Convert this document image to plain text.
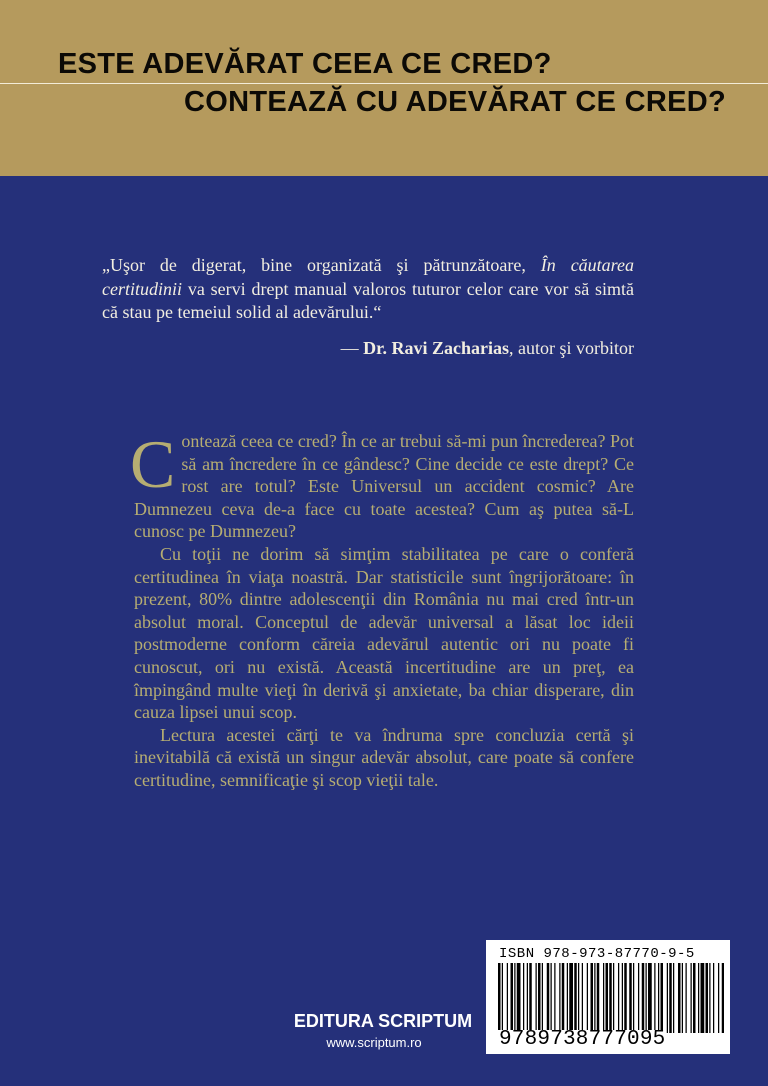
ESTE ADEVĂRAT CEEA CE CRED?
CONTEAZĂ CU ADEVĂRAT CE CRED?
„Uşor de digerat, bine organizată şi pătrunzătoare, În căutarea certitudinii va servi drept manual valoros tuturor celor care vor să simtă că stau pe temeiul solid al adevărului.“
— Dr. Ravi Zacharias, autor şi vorbitor

Contează ceea ce cred? În ce ar trebui să-mi pun încrederea? Pot să am încredere în ce gândesc? Cine decide ce este drept? Ce rost are totul? Este Universul un accident cosmic? Are Dumnezeu ceva de-a face cu toate acestea? Cum aş putea să-L cunosc pe Dumnezeu?

Cu toţii ne dorim să simţim stabilitatea pe care o conferă certitudinea în viaţa noastră. Dar statisticile sunt îngrijorătoare: în prezent, 80% dintre adolescenţii din România nu mai cred într-un absolut moral. Conceptul de adevăr universal a lăsat loc ideii postmoderne conform căreia adevărul autentic ori nu poate fi cunoscut, ori nu există. Această incertitudine are un preţ, ea împingând multe vieţi în derivă şi anxietate, ba chiar disperare, din cauza lipsei unui scop.

Lectura acestei cărţi te va îndruma spre concluzia certă şi inevitabilă că există un singur adevăr absolut, care poate să confere certitudine, semnificaţie şi scop vieţii tale.

EDITURA SCRIPTUM
www.scriptum.ro
ISBN 978-973-87770-9-5
9789738777095
